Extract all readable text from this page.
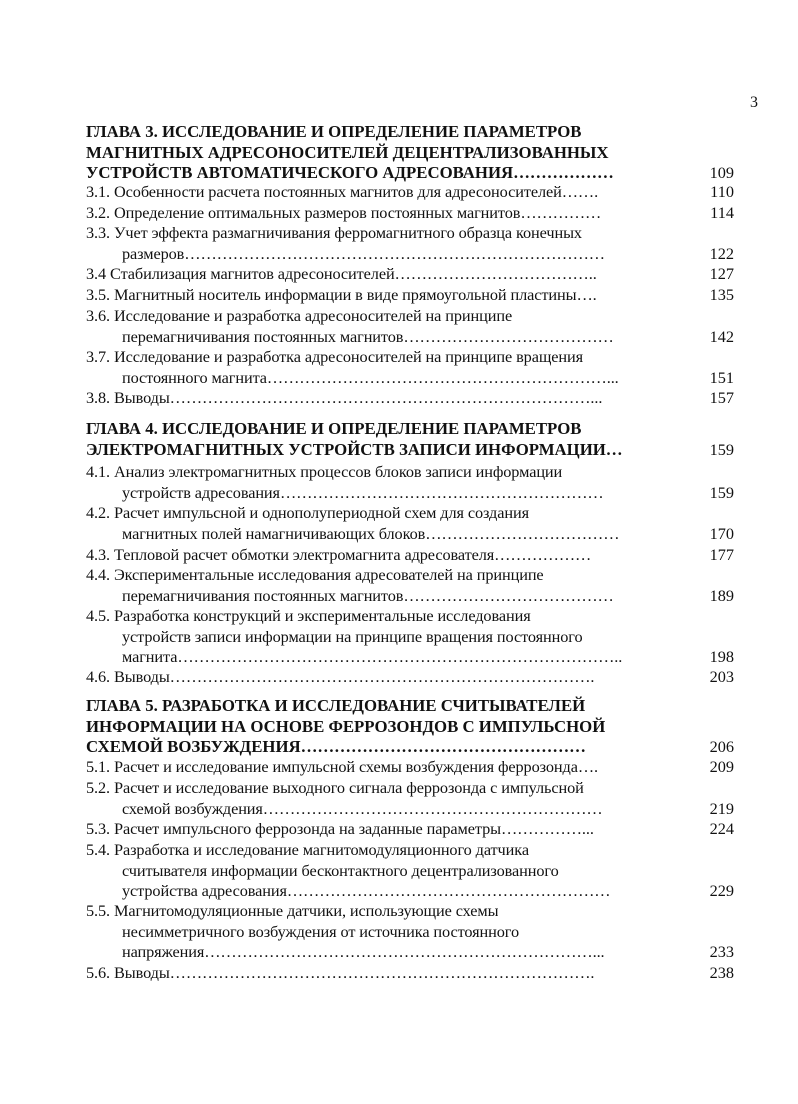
3
ГЛАВА 3. ИССЛЕДОВАНИЕ И ОПРЕДЕЛЕНИЕ ПАРАМЕТРОВ
МАГНИТНЫХ АДРЕСОНОСИТЕЛЕЙ ДЕЦЕНТРАЛИЗОВАННЫХ
УСТРОЙСТВ АВТОМАТИЧЕСКОГО АДРЕСОВАНИЯ………………	109
3.1. Особенности расчета постоянных магнитов для адресоносителей…….	110
3.2. Определение оптимальных размеров постоянных магнитов……………	114
3.3. Учет эффекта размагничивания ферромагнитного образца конечных
размеров……………………………………………………………………	122
3.4 Стабилизация магнитов адресоносителей………………………………..	127
3.5. Магнитный носитель информации в виде прямоугольной пластины….	135
3.6. Исследование и разработка адресоносителей на принципе
перемагничивания постоянных магнитов…………………………………	142
3.7. Исследование и разработка адресоносителей на принципе вращения
постоянного магнита………………………………………………………...	151
3.8. Выводы……………………………………………………………………...	157
ГЛАВА 4. ИССЛЕДОВАНИЕ И ОПРЕДЕЛЕНИЕ ПАРАМЕТРОВ
ЭЛЕКТРОМАГНИТНЫХ УСТРОЙСТВ ЗАПИСИ ИНФОРМАЦИИ…	159
4.1. Анализ электромагнитных процессов блоков записи информации
устройств адресования……………………………………………………	159
4.2. Расчет импульсной и однополупериодной схем для создания
магнитных полей намагничивающих блоков………………………………	170
4.3. Тепловой расчет обмотки электромагнита адресователя………………	177
4.4. Экспериментальные исследования адресователей на принципе
перемагничивания постоянных магнитов…………………………………	189
4.5. Разработка конструкций и экспериментальные исследования
устройств записи информации на принципе вращения постоянного
магнита………………………………………………………………………..	198
4.6. Выводы…………………………………………………………………….	203
ГЛАВА 5. РАЗРАБОТКА И ИССЛЕДОВАНИЕ СЧИТЫВАТЕЛЕЙ
ИНФОРМАЦИИ НА ОСНОВЕ ФЕРРОЗОНДОВ С ИМПУЛЬСНОЙ
СХЕМОЙ ВОЗБУЖДЕНИЯ……………………………………………	206
5.1. Расчет и исследование импульсной схемы возбуждения феррозонда….	209
5.2. Расчет и исследование выходного сигнала феррозонда с импульсной
схемой возбуждения………………………………………………………	219
5.3. Расчет импульсного феррозонда на заданные параметры……………...	224
5.4. Разработка и исследование магнитомодуляционного датчика
считывателя информации бесконтактного децентрализованного
устройства адресования……………………………………………………	229
5.5. Магнитомодуляционные датчики, использующие схемы
несимметричного возбуждения от источника постоянного
напряжения………………………………………………………………...	233
5.6. Выводы…………………………………………………………………….	238
